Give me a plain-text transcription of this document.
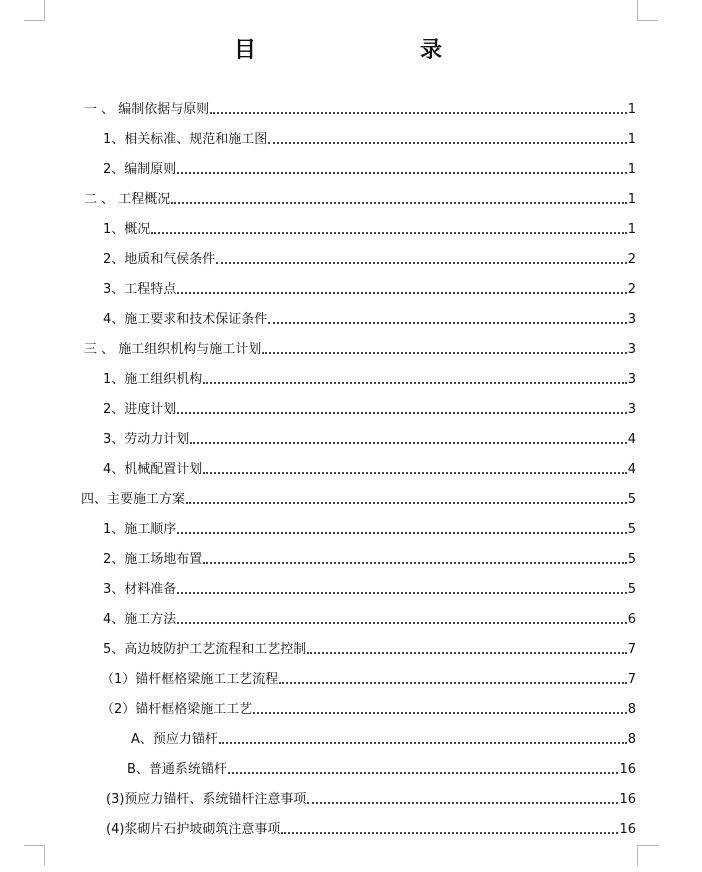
目　　录
一 、 编制依据与原则	1
1、相关标准、规范和施工图	1
2、编制原则	1
二 、 工程概况	1
1、概况	1
2、地质和气侯条件	2
3、工程特点	2
4、施工要求和技术保证条件	3
三 、 施工组织机构与施工计划	3
1、施工组织机构	3
2、进度计划	3
3、劳动力计划	4
4、机械配置计划	4
四、主要施工方案	5
1、施工顺序	5
2、施工场地布置	5
3、材料准备	5
4、施工方法	6
5、高边坡防护工艺流程和工艺控制	7
（1）锚杆框格梁施工工艺流程	7
（2）锚杆框格梁施工工艺	8
A、预应力锚杆	8
B、普通系统锚杆	16
(3)预应力锚杆、系统锚杆注意事项	16
(4)浆砌片石护坡砌筑注意事项	16
